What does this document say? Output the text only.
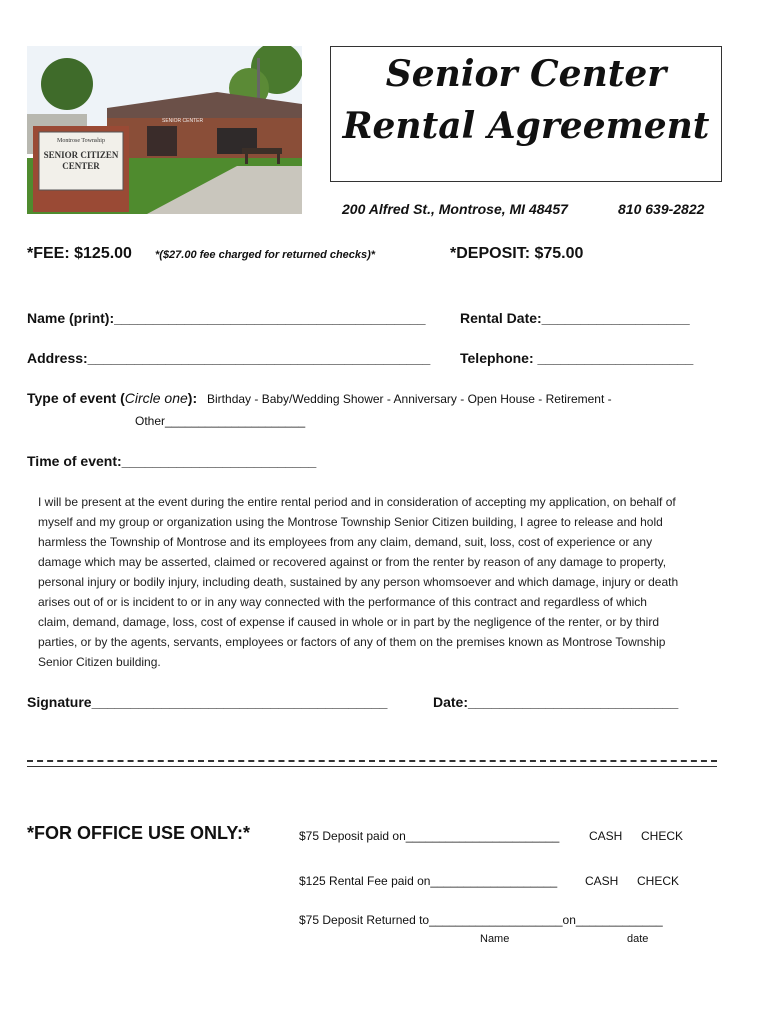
Montrose Township
SENIOR CITIZEN
CENTER
SENIOR CENTER
Senior Center
Rental Agreement
200 Alfred St., Montrose, MI 48457	810 639-2822
*FEE: $125.00 *($27.00 fee charged for returned checks)*	*DEPOSIT: $75.00
Name (print):________________________________________ Rental Date:___________________
Address:____________________________________________ Telephone: ____________________
Type of event (Circle one): Birthday - Baby/Wedding Shower - Anniversary - Open House - Retirement -
Other_____________________
Time of event:_________________________
I will be present at the event during the entire rental period and in consideration of accepting my application, on behalf of
myself and my group or organization using the Montrose Township Senior Citizen building, I agree to release and hold
harmless the Township of Montrose and its employees from any claim, demand, suit, loss, cost of experience or any
damage which may be asserted, claimed or recovered against or from the renter by reason of any damage to property,
personal injury or bodily injury, including death, sustained by any person whomsoever and which damage, injury or death
arises out of or is incident to or in any way connected with the performance of this contract and regardless of which
claim, demand, damage, loss, cost of expense if caused in whole or in part by the negligence of the renter, or by third
parties, or by the agents, servants, employees or factors of any of them on the premises known as Montrose Township
Senior Citizen building.
Signature______________________________________	Date:___________________________
*FOR OFFICE USE ONLY:*	$75 Deposit paid on_______________________ CASH CHECK
$125 Rental Fee paid on___________________ CASH CHECK
$75 Deposit Returned to____________________on_____________
Name	date
